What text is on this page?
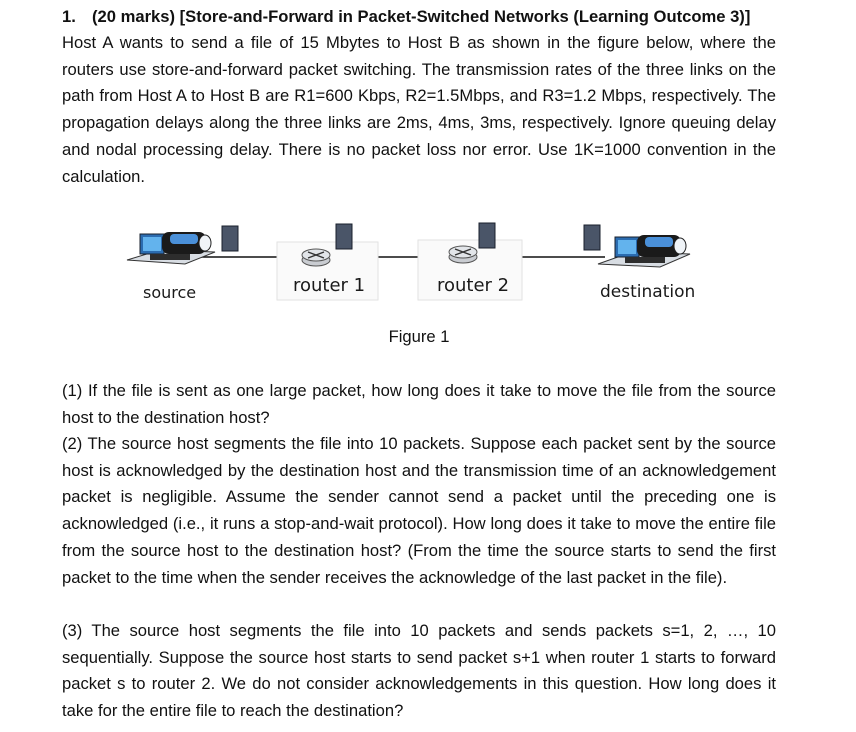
1. (20 marks) [Store-and-Forward in Packet-Switched Networks (Learning Outcome 3)]

Host A wants to send a file of 15 Mbytes to Host B as shown in the figure below, where the routers use store-and-forward packet switching. The transmission rates of the three links on the path from Host A to Host B are R1=600 Kbps, R2=1.5Mbps, and R3=1.2 Mbps, respectively. The propagation delays along the three links are 2ms, 4ms, 3ms, respectively. Ignore queuing delay and nodal processing delay. There is no packet loss nor error. Use 1K=1000 convention in the calculation.

source	router 1	router 2	destination
Figure 1

(1) If the file is sent as one large packet, how long does it take to move the file from the source host to the destination host?

(2) The source host segments the file into 10 packets. Suppose each packet sent by the source host is acknowledged by the destination host and the transmission time of an acknowledgement packet is negligible. Assume the sender cannot send a packet until the preceding one is acknowledged (i.e., it runs a stop-and-wait protocol). How long does it take to move the entire file from the source host to the destination host? (From the time the source starts to send the first packet to the time when the sender receives the acknowledge of the last packet in the file).

(3) The source host segments the file into 10 packets and sends packets s=1, 2, …, 10 sequentially. Suppose the source host starts to send packet s+1 when router 1 starts to forward packet s to router 2. We do not consider acknowledgements in this question. How long does it take for the entire file to reach the destination?
